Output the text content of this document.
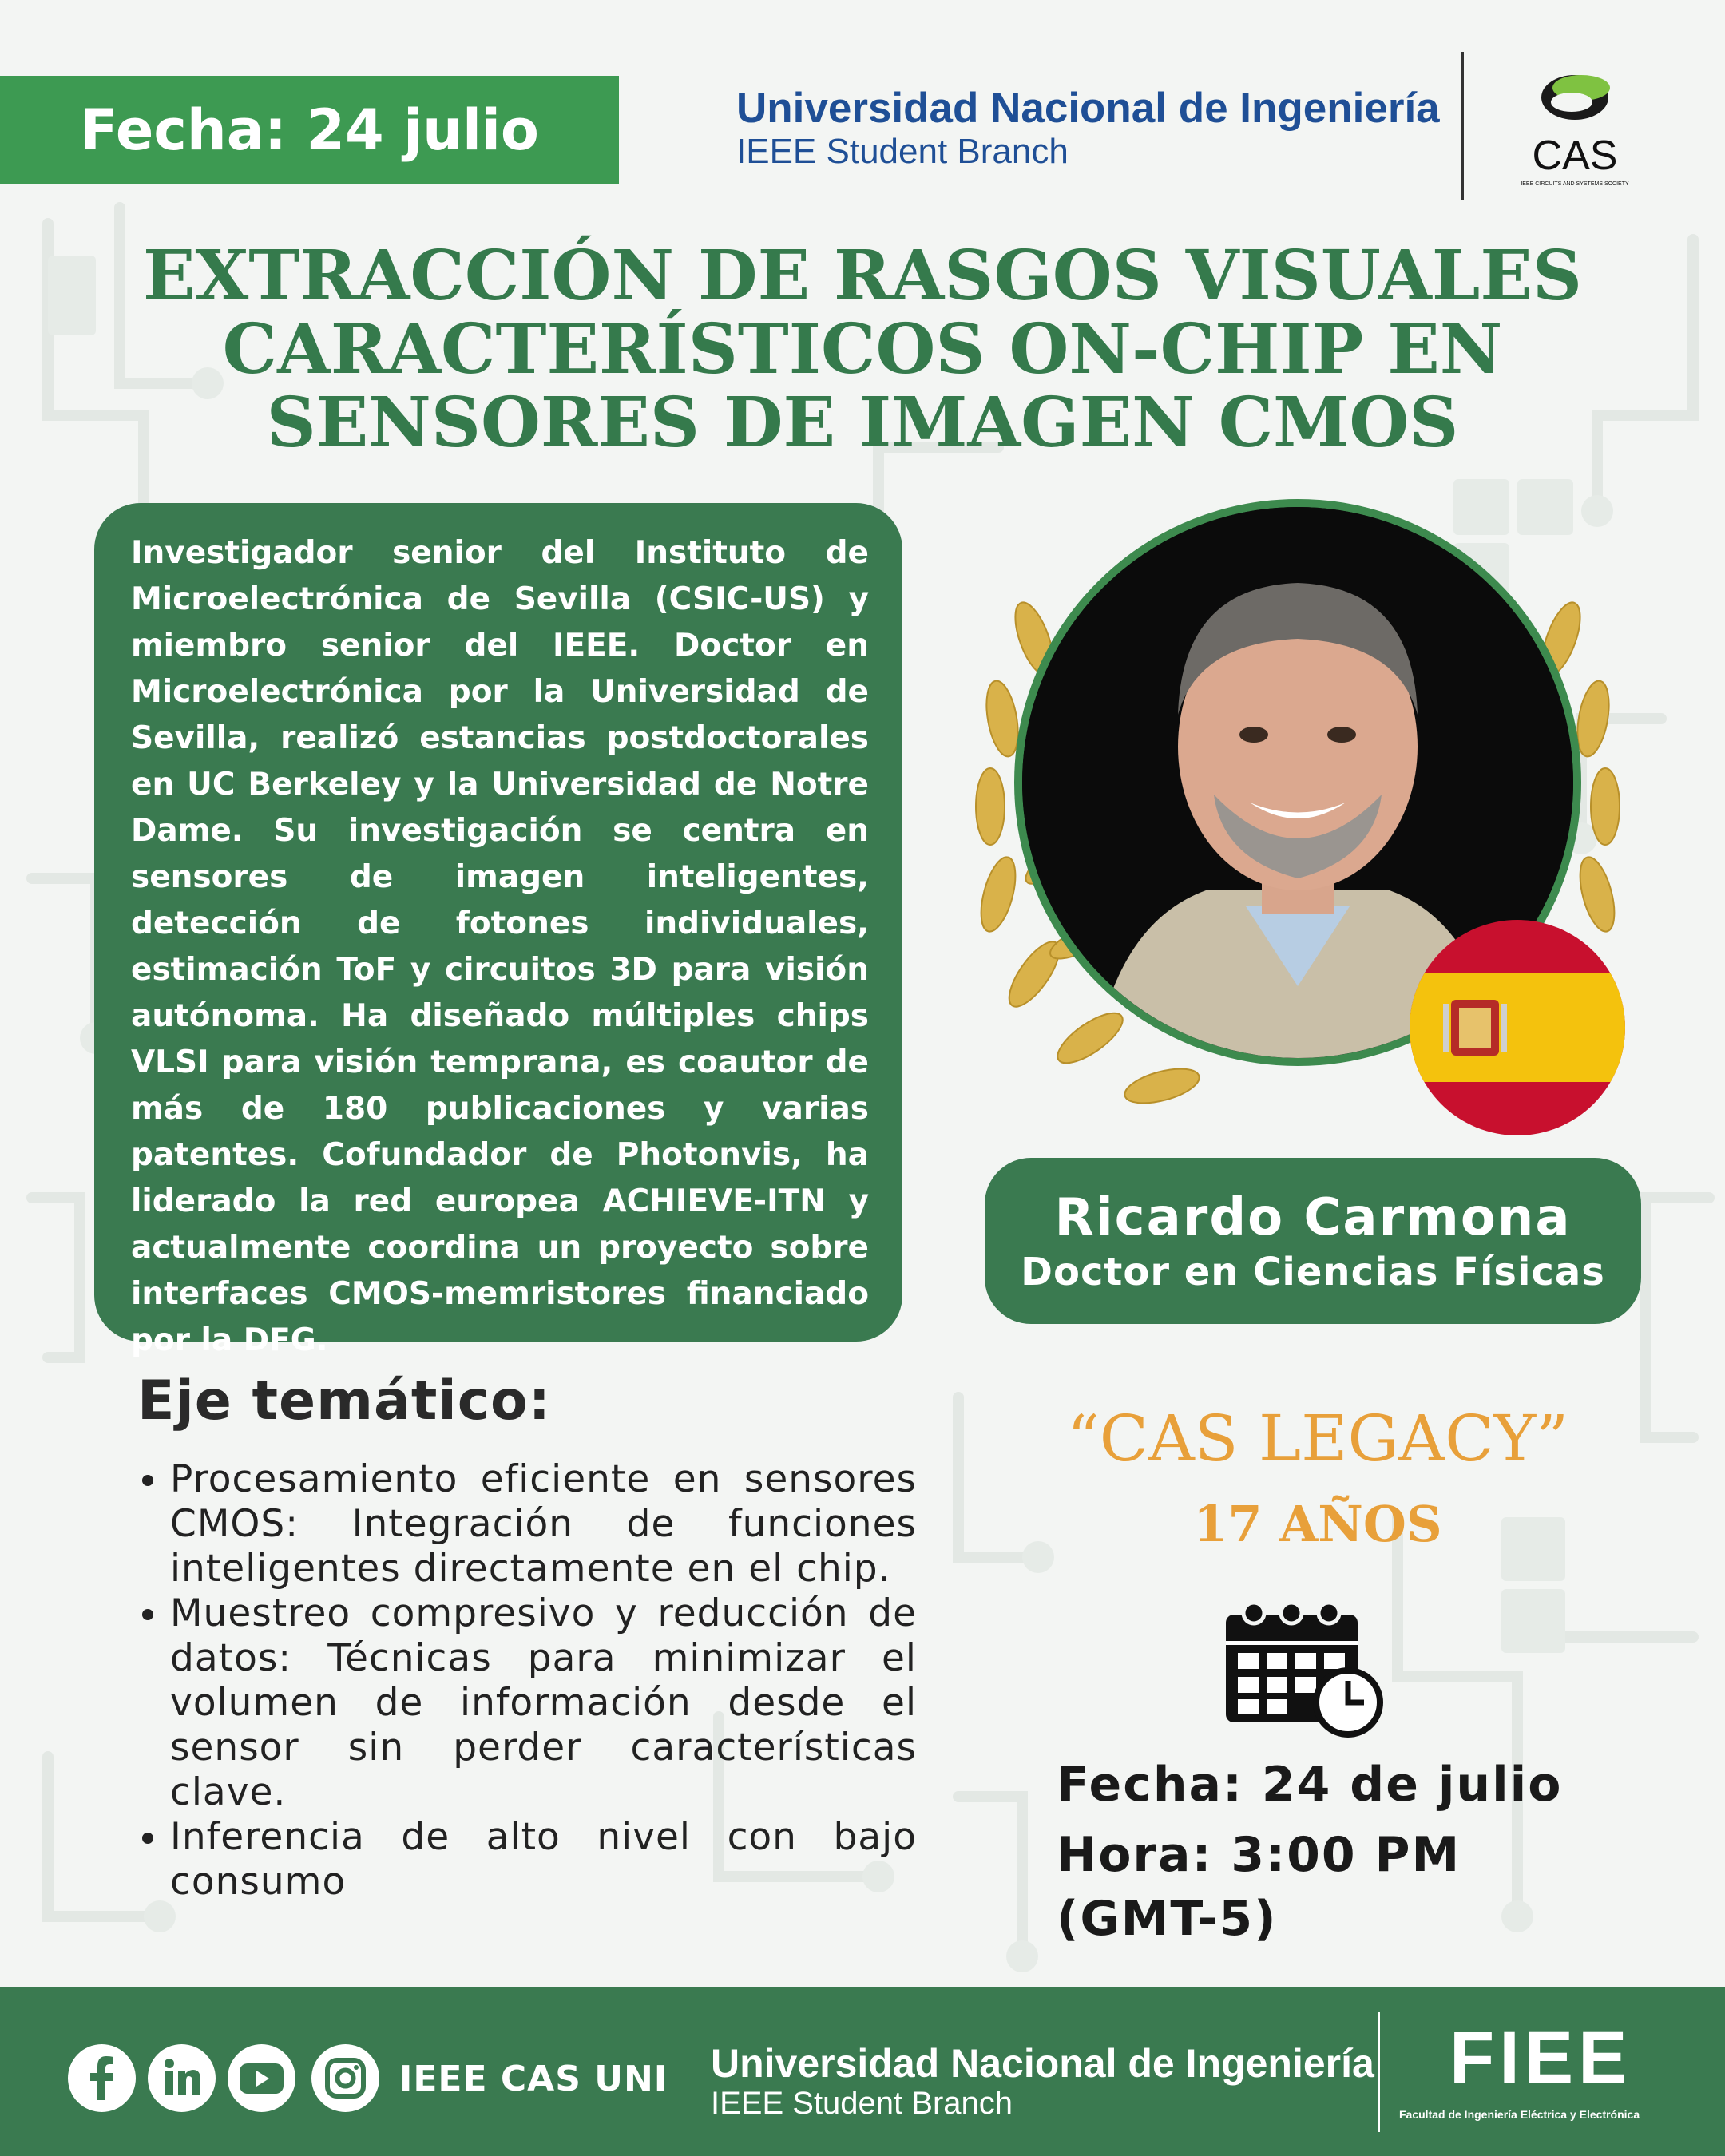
Fecha: 24 julio	Universidad Nacional de Ingeniería
IEEE Student Branch	CAS
IEEE CIRCUITS AND SYSTEMS SOCIETY
EXTRACCIÓN DE RASGOS VISUALES
CARACTERÍSTICOS ON-CHIP EN
SENSORES DE IMAGEN CMOS
Investigador senior del Instituto de Microelectrónica de Sevilla (CSIC-US) y miembro senior del IEEE. Doctor en Microelectrónica por la Universidad de Sevilla, realizó estancias postdoctorales en UC Berkeley y la Universidad de Notre Dame. Su investigación se centra en sensores de imagen inteligentes, detección de fotones individuales, estimación ToF y circuitos 3D para visión autónoma. Ha diseñado múltiples chips VLSI para visión temprana, es coautor de más de 180 publicaciones y varias patentes. Cofundador de Photonvis, ha liderado la red europea ACHIEVE-ITN y actualmente coordina un proyecto sobre interfaces CMOS-memristores financiado por la DFG.
Ricardo Carmona
Doctor en Ciencias Físicas
Eje temático:
• Procesamiento eficiente en sensores CMOS: Integración de funciones inteligentes directamente en el chip.
• Muestreo compresivo y reducción de datos: Técnicas para minimizar el volumen de información desde el sensor sin perder características clave.
• Inferencia de alto nivel con bajo consumo
“CAS LEGACY”
17 AÑOS
Fecha: 24 de julio
Hora: 3:00 PM
(GMT-5)
IEEE CAS UNI Universidad Nacional de Ingeniería
IEEE Student Branch
FIEE
Facultad de Ingeniería Eléctrica y Electrónica
